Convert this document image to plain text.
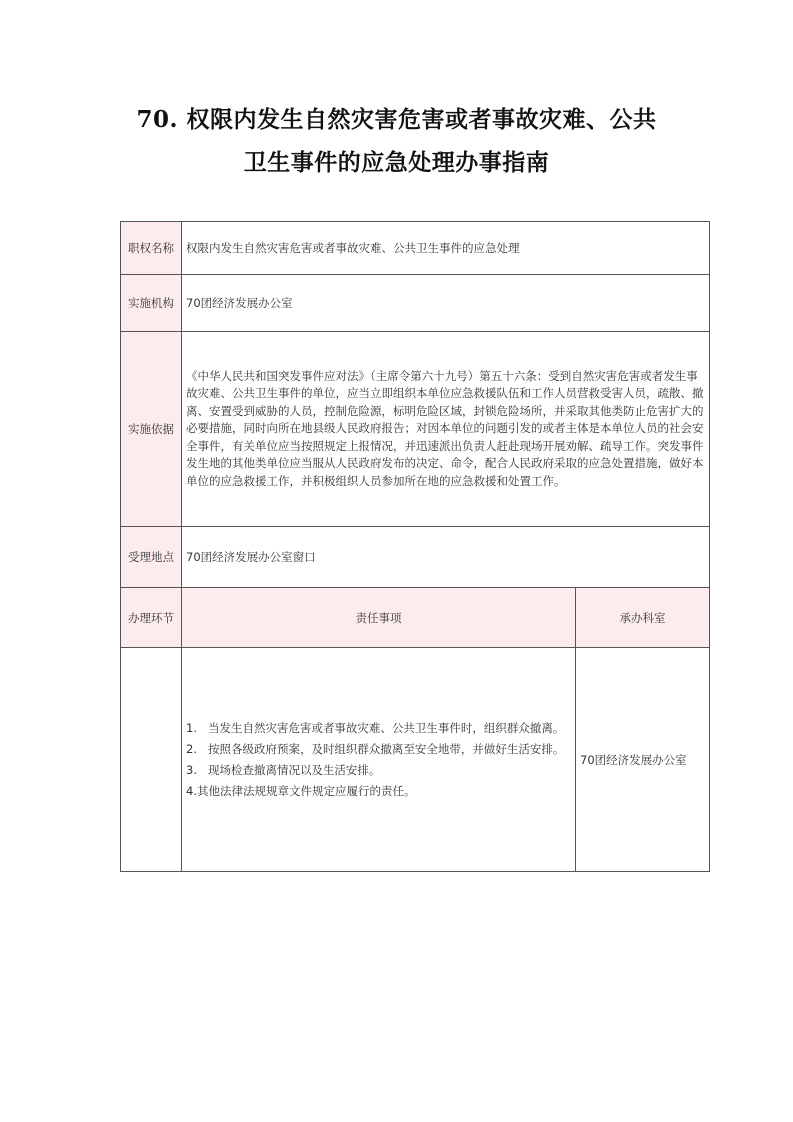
70. 权限内发生自然灾害危害或者事故灾难、公共
卫生事件的应急处理办事指南
职权名称	权限内发生自然灾害危害或者事故灾难、公共卫生事件的应急处理	
实施机构	70团经济发展办公室	
实施依据	《中华人民共和国突发事件应对法》（主席令第六十九号）第五十六条：受到自然灾害危害或者发生事故灾难、公共卫生事件的单位，应当立即组织本单位应急救援队伍和工作人员营救受害人员，疏散、撤离、安置受到威胁的人员，控制危险源，标明危险区域，封锁危险场所，并采取其他类防止危害扩大的必要措施，同时向所在地县级人民政府报告；对因本单位的问题引发的或者主体是本单位人员的社会安全事件，有关单位应当按照规定上报情况，并迅速派出负责人赶赴现场开展劝解、疏导工作。突发事件发生地的其他类单位应当服从人民政府发布的决定、命令，配合人民政府采取的应急处置措施，做好本单位的应急救援工作，并积极组织人员参加所在地的应急救援和处置工作。	
受理地点	70团经济发展办公室窗口	
办理环节	责任事项	承办科室

	1.   当发生自然灾害危害或者事故灾难、公共卫生事件时，组织群众撤离。

2.   按照各级政府预案，及时组织群众撤离至安全地带，并做好生活安排。

3.   现场检查撤离情况以及生活安排。

4.其他法律法规规章文件规定应履行的责任。	70团经济发展办公室
